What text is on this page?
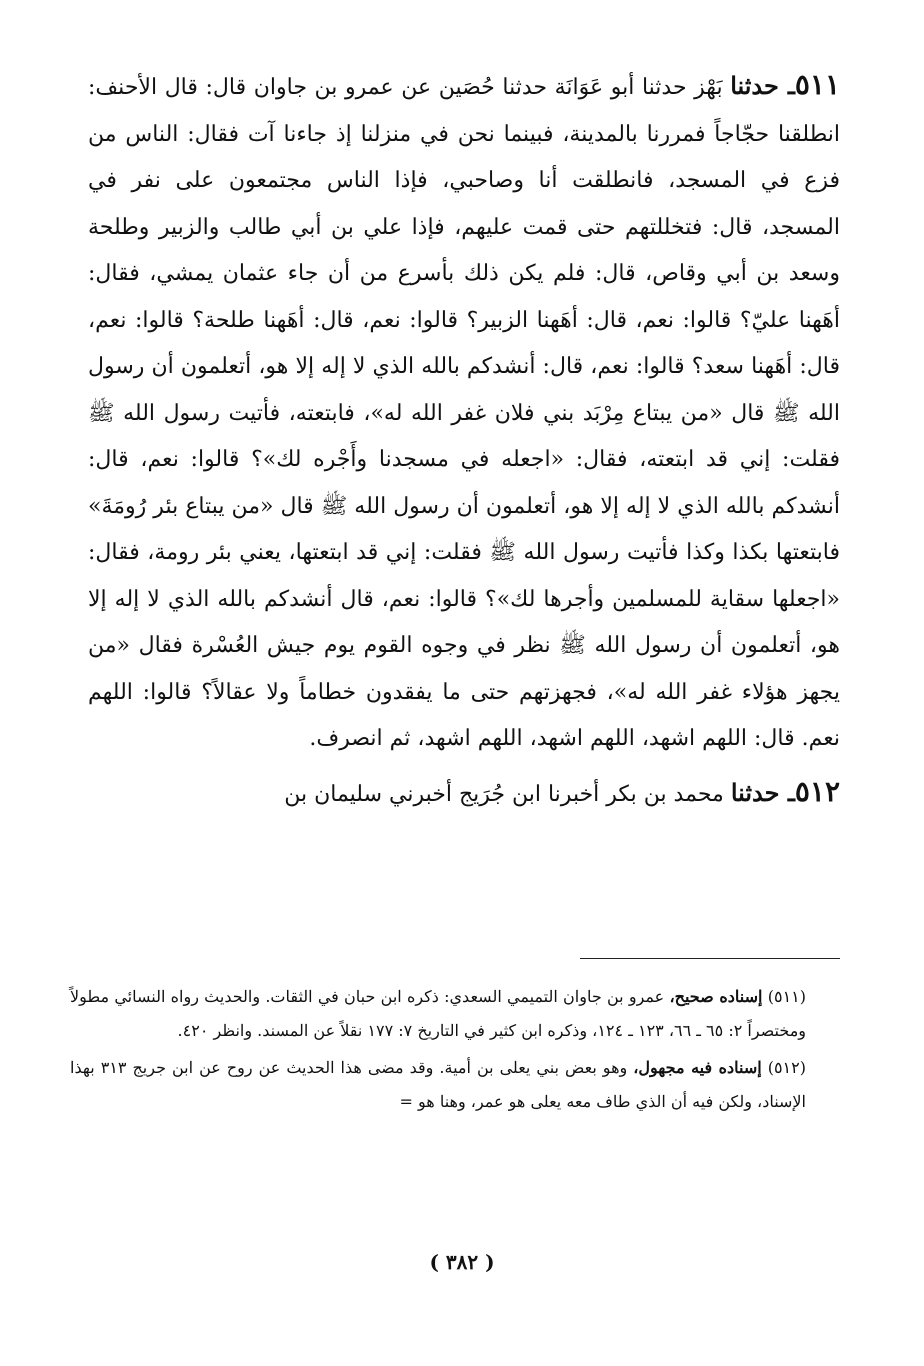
٥١١ـ حدثنا بَهْز حدثنا أبو عَوَانَة حدثنا حُصَين عن عمرو بن جاوان قال: قال الأحنف: انطلقنا حجّاجاً فمررنا بالمدينة، فبينما نحن في منزلنا إذ جاءنا آت فقال: الناس من فزع في المسجد، فانطلقت أنا وصاحبي، فإذا الناس مجتمعون على نفر في المسجد، قال: فتخللتهم حتى قمت عليهم، فإذا علي بن أبي طالب والزبير وطلحة وسعد بن أبي وقاص، قال: فلم يكن ذلك بأسرع من أن جاء عثمان يمشي، فقال: أهَهنا عليّ؟ قالوا: نعم، قال: أهَهنا الزبير؟ قالوا: نعم، قال: أهَهنا طلحة؟ قالوا: نعم، قال: أهَهنا سعد؟ قالوا: نعم، قال: أنشدكم بالله الذي لا إله إلا هو، أتعلمون أن رسول الله ﷺ قال «من يبتاع مِرْبَد بني فلان غفر الله له»، فابتعته، فأتيت رسول الله ﷺ فقلت: إني قد ابتعته، فقال: «اجعله في مسجدنا وأَجْره لك»؟ قالوا: نعم، قال: أنشدكم بالله الذي لا إله إلا هو، أتعلمون أن رسول الله ﷺ قال «من يبتاع بئر رُومَةَ» فابتعتها بكذا وكذا فأتيت رسول الله ﷺ فقلت: إني قد ابتعتها، يعني بئر رومة، فقال: «اجعلها سقاية للمسلمين وأجرها لك»؟ قالوا: نعم، قال أنشدكم بالله الذي لا إله إلا هو، أتعلمون أن رسول الله ﷺ نظر في وجوه القوم يوم جيش العُسْرة فقال «من يجهز هؤلاء غفر الله له»، فجهزتهم حتى ما يفقدون خطاماً ولا عقالاً؟ قالوا: اللهم نعم. قال: اللهم اشهد، اللهم اشهد، اللهم اشهد، ثم انصرف.

٥١٢ـ حدثنا محمد بن بكر أخبرنا ابن جُرَيج أخبرني سليمان بن

(٥١١) إسناده صحيح، عمرو بن جاوان التميمي السعدي: ذكره ابن حبان في الثقات. والحديث رواه النسائي مطولاً ومختصراً ٢: ٦٥ ـ ٦٦، ١٢٣ ـ ١٢٤، وذكره ابن كثير في التاريخ ٧: ١٧٧ نقلاً عن المسند. وانظر ٤٢٠.

(٥١٢) إسناده فيه مجهول، وهو بعض بني يعلى بن أمية. وقد مضى هذا الحديث عن روح عن ابن جريج ٣١٣ بهذا الإسناد، ولكن فيه أن الذي طاف معه يعلى هو عمر، وهنا هو =

( ٣٨٢ )
